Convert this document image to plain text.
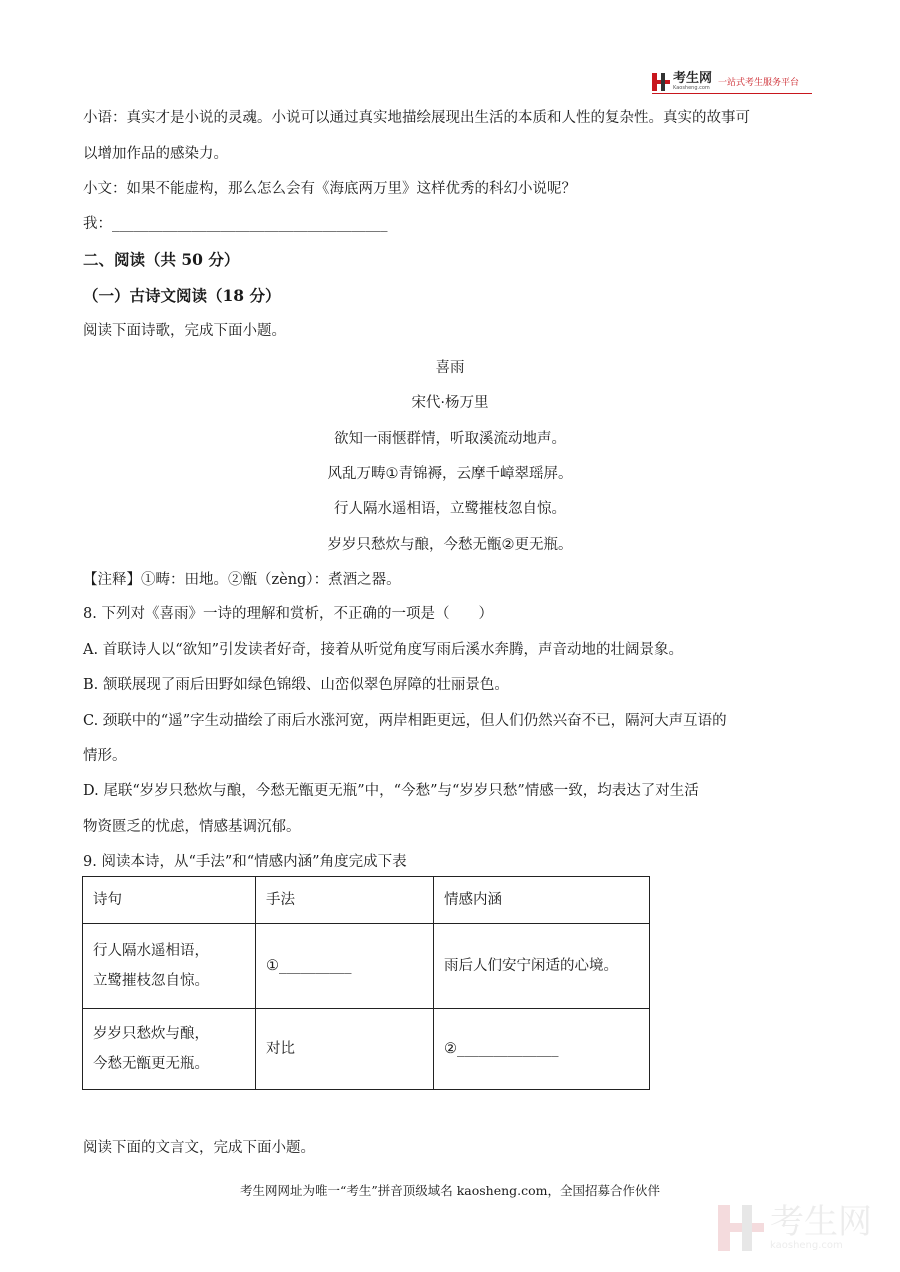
考生网
Kaosheng.com 一站式考生服务平台
小语：真实才是小说的灵魂。小说可以通过真实地描绘展现出生活的本质和人性的复杂性。真实的故事可
以增加作品的感染力。
小文：如果不能虚构，那么怎么会有《海底两万里》这样优秀的科幻小说呢？
我：______________________________________
二、阅读（共 50 分）
（一）古诗文阅读（18 分）
阅读下面诗歌，完成下面小题。
喜雨
宋代·杨万里
欲知一雨惬群情，听取溪流动地声。
风乱万畴①青锦褥，云摩千嶂翠瑶屏。
行人隔水遥相语，立鹭摧枝忽自惊。
岁岁只愁炊与酿，今愁无甑②更无瓶。
【注释】①畴：田地。②甑（zèng）：煮酒之器。
8. 下列对《喜雨》一诗的理解和赏析，不正确的一项是（　　）
A. 首联诗人以“欲知”引发读者好奇，接着从听觉角度写雨后溪水奔腾，声音动地的壮阔景象。
B. 颔联展现了雨后田野如绿色锦缎、山峦似翠色屏障的壮丽景色。
C. 颈联中的“遥”字生动描绘了雨后水涨河宽，两岸相距更远，但人们仍然兴奋不已，隔河大声互语的
情形。
D. 尾联“岁岁只愁炊与酿，今愁无甑更无瓶”中，“今愁”与“岁岁只愁”情感一致，均表达了对生活
物资匮乏的忧虑，情感基调沉郁。
9. 阅读本诗，从“手法”和“情感内涵”角度完成下表
诗句	手法	情感内涵

行人隔水遥相语，
立鹭摧枝忽自惊。	①__________	雨后人们安宁闲适的心境。

岁岁只愁炊与酿，
今愁无甑更无瓶。	对比	②______________
阅读下面的文言文，完成下面小题。
考生网网址为唯一“考生”拼音顶级域名 kaosheng.com，全国招募合作伙伴
考生网
kaosheng.com
